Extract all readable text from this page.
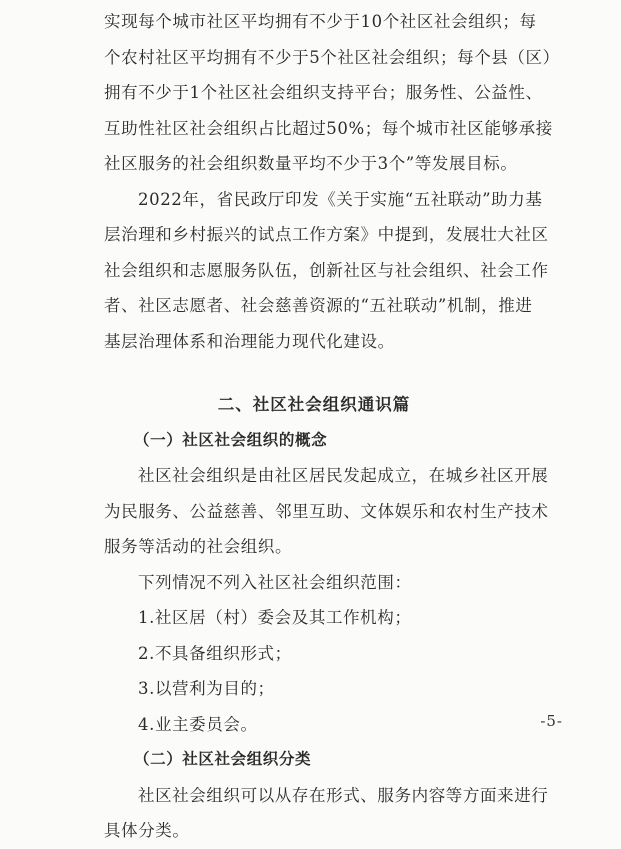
实现每个城市社区平均拥有不少于10个社区社会组织；每
个农村社区平均拥有不少于5个社区社会组织；每个县（区）
拥有不少于1个社区社会组织支持平台；服务性、公益性、
互助性社区社会组织占比超过50%；每个城市社区能够承接
社区服务的社会组织数量平均不少于3个”等发展目标。
2022年，省民政厅印发《关于实施“五社联动”助力基
层治理和乡村振兴的试点工作方案》中提到，发展壮大社区
社会组织和志愿服务队伍，创新社区与社会组织、社会工作
者、社区志愿者、社会慈善资源的“五社联动”机制，推进
基层治理体系和治理能力现代化建设。
二、社区社会组织通识篇
（一）社区社会组织的概念
社区社会组织是由社区居民发起成立，在城乡社区开展
为民服务、公益慈善、邻里互助、文体娱乐和农村生产技术
服务等活动的社会组织。
下列情况不列入社区社会组织范围：
1.社区居（村）委会及其工作机构；
2.不具备组织形式；
3.以营利为目的；
4.业主委员会。
（二）社区社会组织分类
社区社会组织可以从存在形式、服务内容等方面来进行
具体分类。
-5-
